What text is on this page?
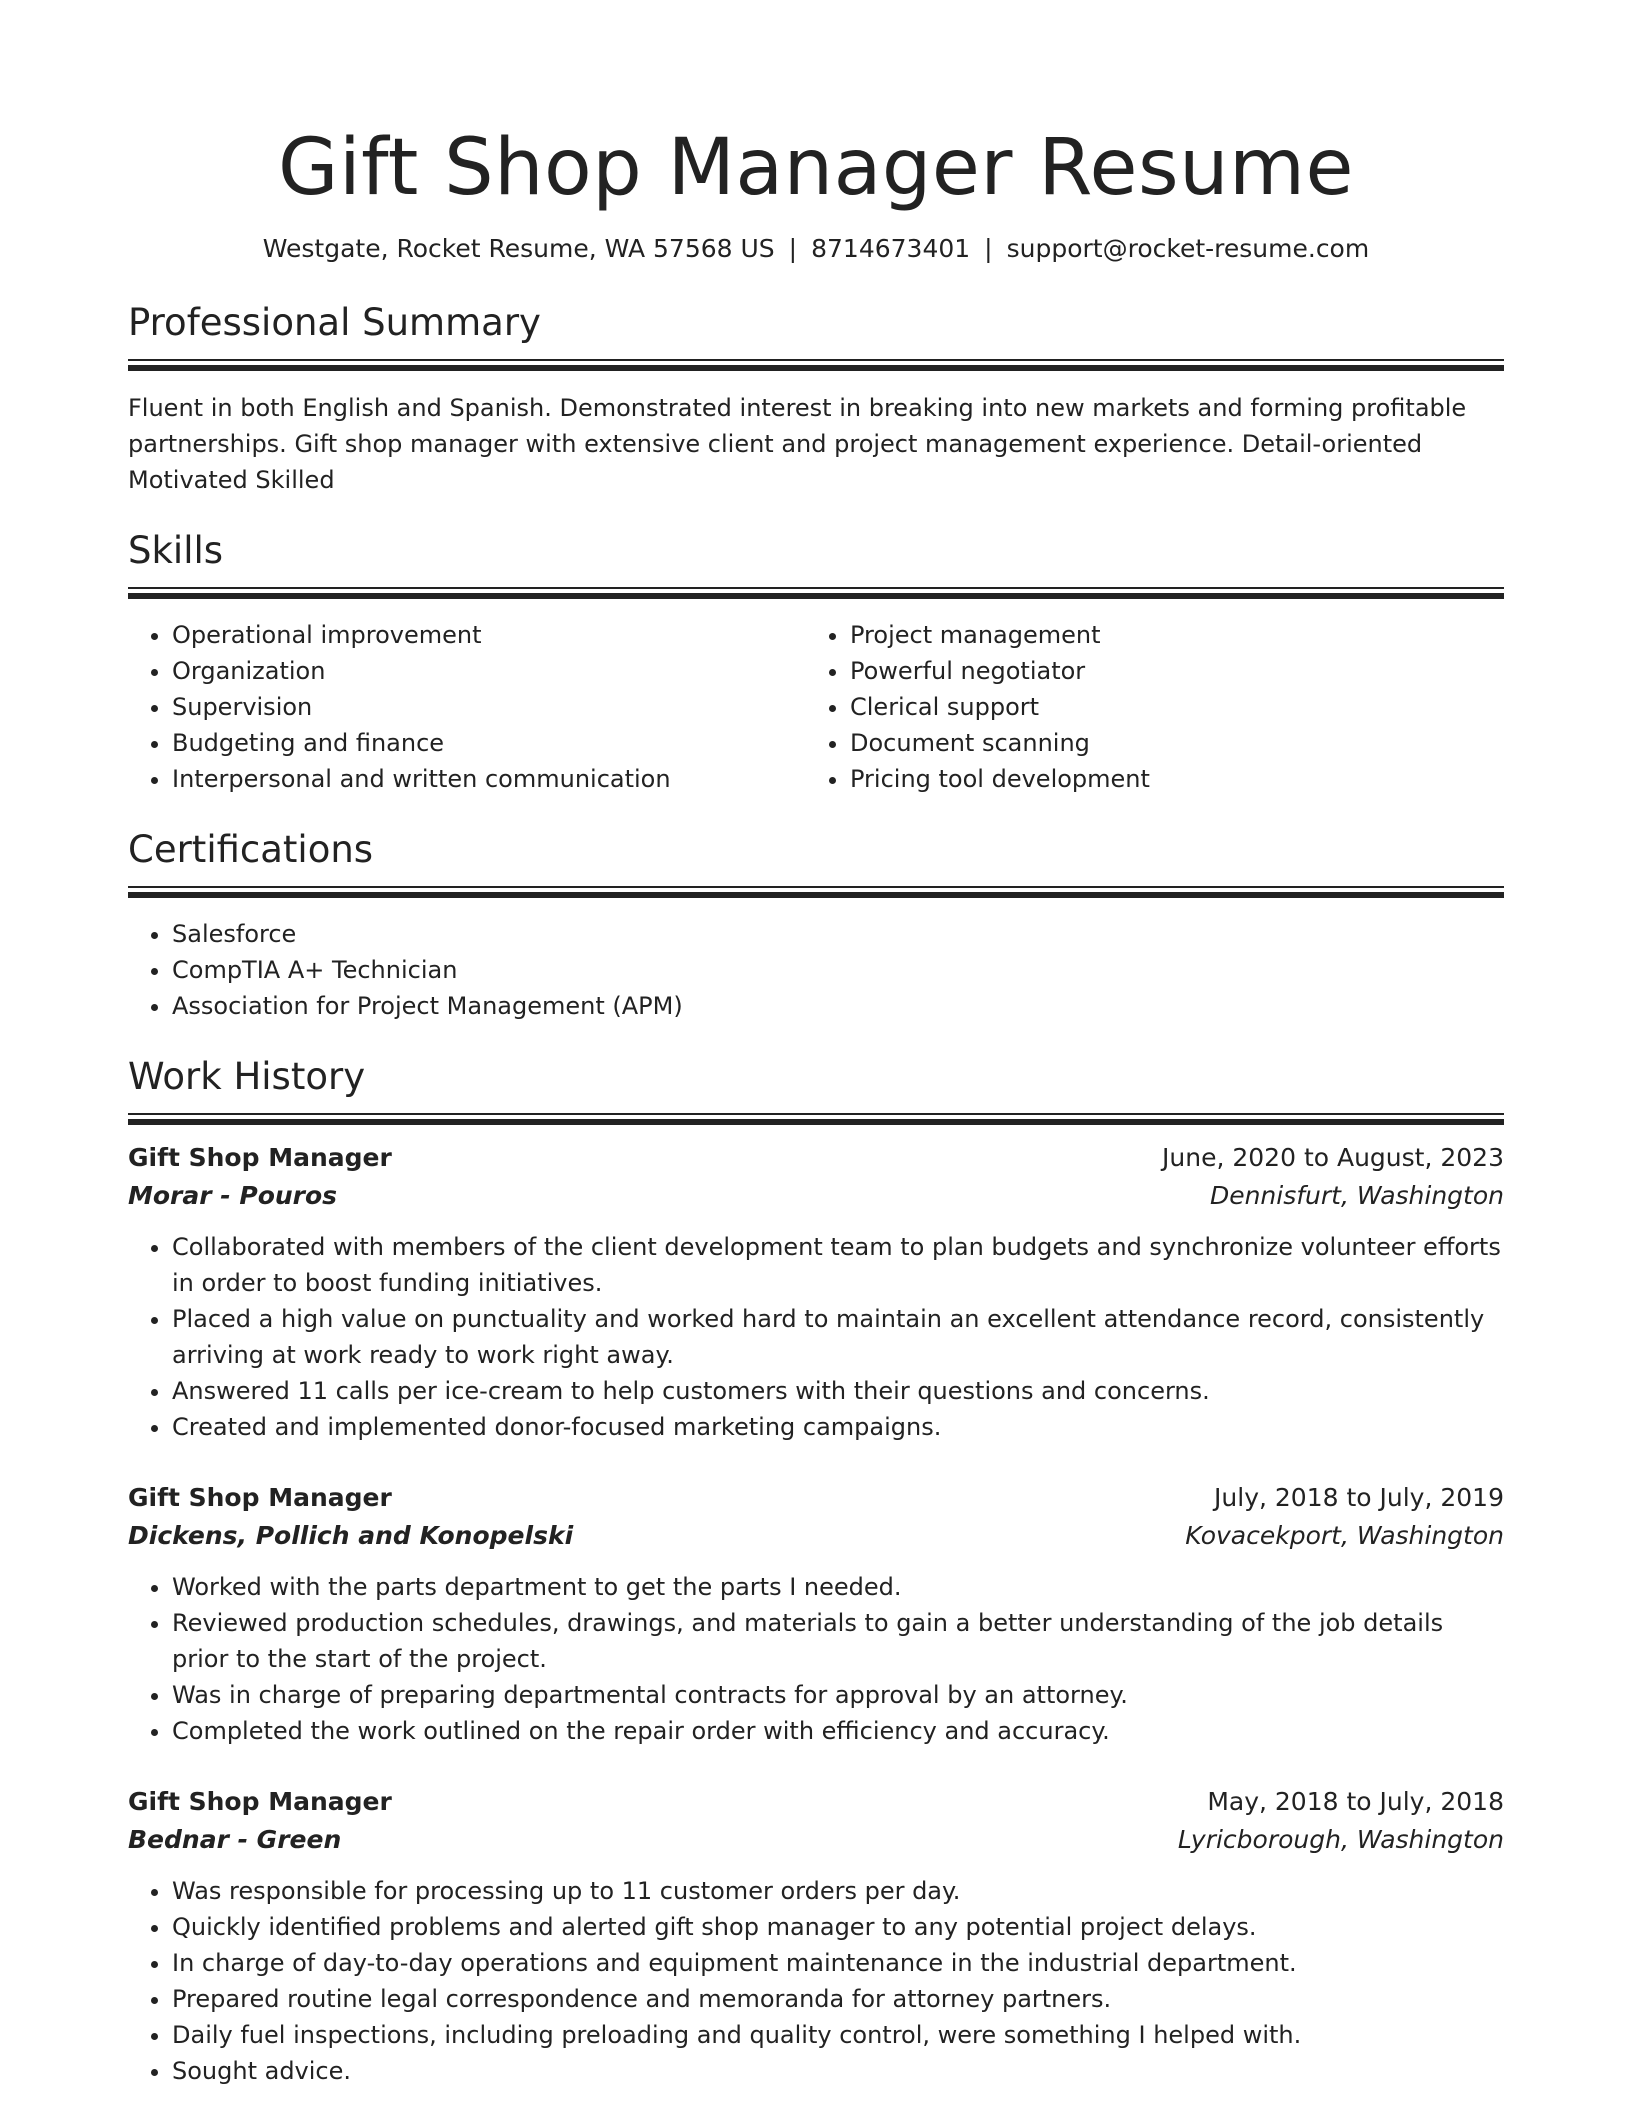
Gift Shop Manager Resume
Westgate, Rocket Resume, WA 57568 US | 8714673401 | support@rocket-resume.com
Professional Summary
Fluent in both English and Spanish. Demonstrated interest in breaking into new markets and forming profitable partnerships. Gift shop manager with extensive client and project management experience. Detail-oriented Motivated Skilled
Skills
• Operational improvement
• Organization
• Supervision
• Budgeting and finance
• Interpersonal and written communication
• Project management
• Powerful negotiator
• Clerical support
• Document scanning
• Pricing tool development
Certifications
• Salesforce
• CompTIA A+ Technician
• Association for Project Management (APM)
Work History
Gift Shop Manager	June, 2020 to August, 2023
Morar - Pouros	Dennisfurt, Washington
• Collaborated with members of the client development team to plan budgets and synchronize volunteer efforts in order to boost funding initiatives.
• Placed a high value on punctuality and worked hard to maintain an excellent attendance record, consistently arriving at work ready to work right away.
• Answered 11 calls per ice-cream to help customers with their questions and concerns.
• Created and implemented donor-focused marketing campaigns.
Gift Shop Manager	July, 2018 to July, 2019
Dickens, Pollich and Konopelski	Kovacekport, Washington
• Worked with the parts department to get the parts I needed.
• Reviewed production schedules, drawings, and materials to gain a better understanding of the job details prior to the start of the project.
• Was in charge of preparing departmental contracts for approval by an attorney.
• Completed the work outlined on the repair order with efficiency and accuracy.
Gift Shop Manager	May, 2018 to July, 2018
Bednar - Green	Lyricborough, Washington
• Was responsible for processing up to 11 customer orders per day.
• Quickly identified problems and alerted gift shop manager to any potential project delays.
• In charge of day-to-day operations and equipment maintenance in the industrial department.
• Prepared routine legal correspondence and memoranda for attorney partners.
• Daily fuel inspections, including preloading and quality control, were something I helped with.
• Sought advice.
